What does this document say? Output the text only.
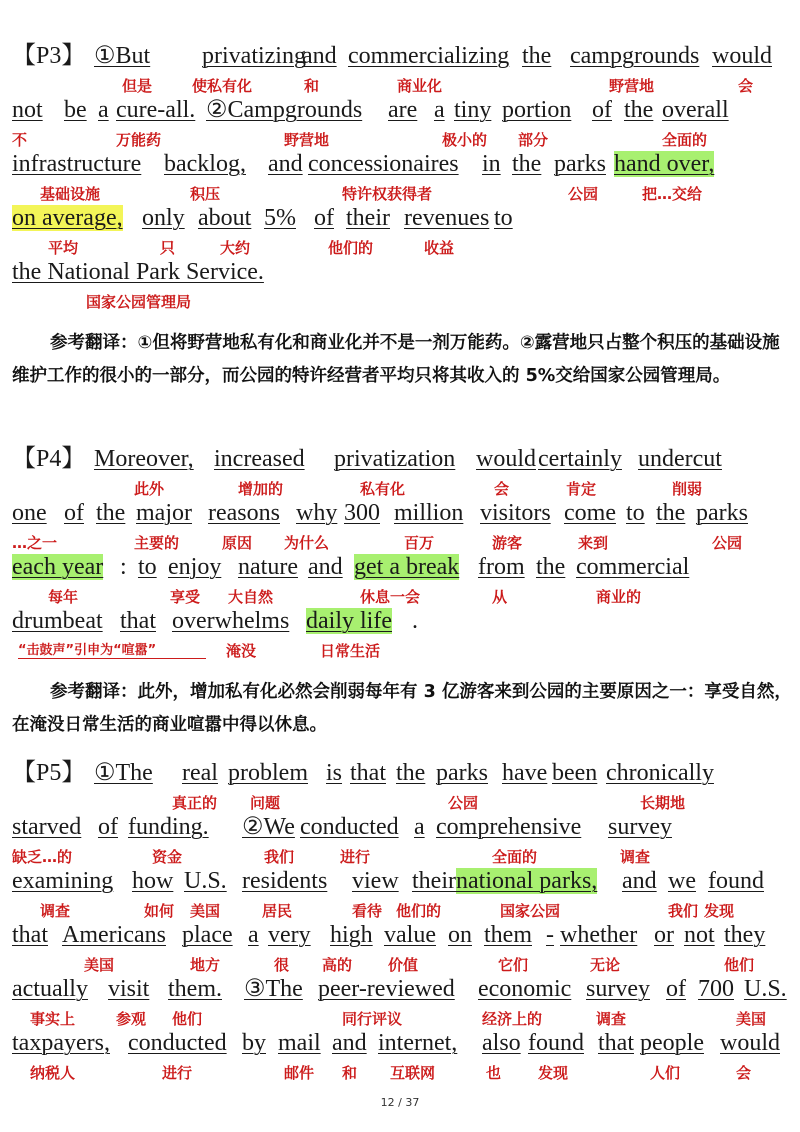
【P3】 ①But privatizing
and commercializing the campgrounds would
但是	使私有化	和	商业化	野营地	会
not be a cure-all. ②Campgrounds are a tiny portion of the overall
不	万能药	野营地	极小的 部分	全面的
infrastructure backlog, and concessionaires in the parks hand over,
基础设施	积压	特许权获得者	公园	把…交给
on average, only about 5% of their revenues to
平均	只	大约	他们的	收益
the National Park Service.
国家公园管理局
参考翻译：①但将野营地私有化和商业化并不是一剂万能药。②露营地只占整个积压的基础设施维护工作的很小的一部分，而公园的特许经营者平均只将其收入的 5%交给国家公园管理局。
【P4】 Moreover, increased privatization would certainly undercut
此外	增加的	私有化	会	肯定	削弱
one of the major reasons why 300 million visitors come to the parks
…之一	主要的	原因 为什么	百万	游客	来到	公园
each year : to enjoy nature and get a break from the commercial
每年	享受 大自然	休息一会	从	商业的
drumbeat that overwhelms daily life .
“击鼓声”引申为“喧嚣”	淹没	日常生活
参考翻译：此外，增加私有化必然会削弱每年有 3 亿游客来到公园的主要原因之一：享受自然，在淹没日常生活的商业喧嚣中得以休息。
【P5】 ①The real problem is that the parks have been chronically
真正的 问题	公园	长期地
starved of funding. ②We conducted a comprehensive survey
缺乏…的	资金	我们	进行	全面的	调查
examining how U.S. residents view their national parks, and we found
调查	如何 美国	居民	看待 他们的	国家公园	我们 发现
that Americans place a very high value on them - whether or not they
美国	地方	很 高的 价值	它们	无论	他们
actually visit them. ③The peer-reviewed economic survey of 700 U.S.
事实上	参观 他们	同行评议	经济上的	调查	美国
taxpayers, conducted by mail and internet, also found that people would
纳税人	进行	邮件 和 互联网	也 发现	人们	会
12 / 37
